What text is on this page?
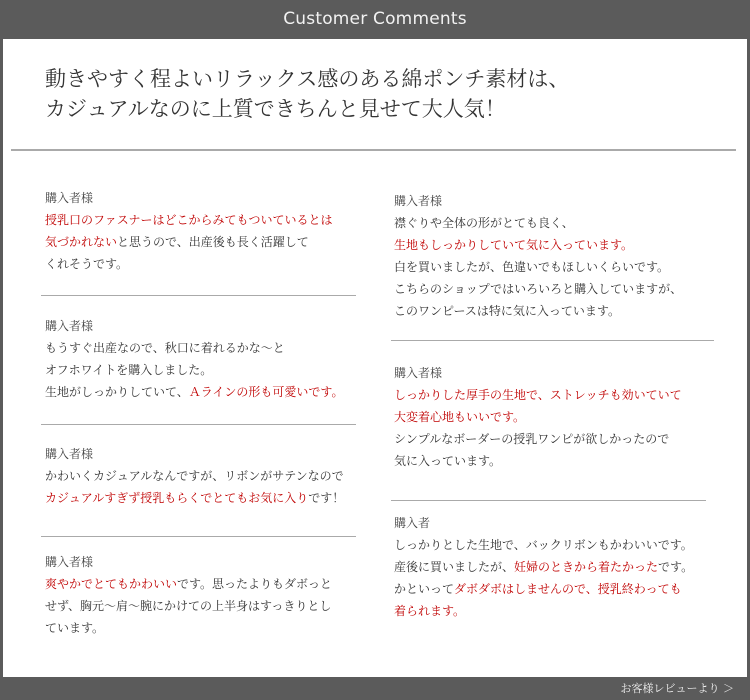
Customer Comments
動きやすく程よいリラックス感のある綿ポンチ素材は、
カジュアルなのに上質できちんと見せて大人気！
購入者様
授乳口のファスナーはどこからみてもついているとは
気づかれないと思うので、出産後も長く活躍して
くれそうです。
購入者様
もうすぐ出産なので、秋口に着れるかな～と
オフホワイトを購入しました。
生地がしっかりしていて、Ａラインの形も可愛いです。
購入者様
かわいくカジュアルなんですが、リボンがサテンなので
カジュアルすぎず授乳もらくでとてもお気に入りです！
購入者様
爽やかでとてもかわいいです。思ったよりもダボっと
せず、胸元～肩～腕にかけての上半身はすっきりとし
ています。
購入者様
襟ぐりや全体の形がとても良く、
生地もしっかりしていて気に入っています。
白を買いましたが、色違いでもほしいくらいです。
こちらのショップではいろいろと購入していますが、
このワンピースは特に気に入っています。
購入者様
しっかりした厚手の生地で、ストレッチも効いていて
大変着心地もいいです。
シンプルなボーダーの授乳ワンピが欲しかったので
気に入っています。
購入者
しっかりとした生地で、バックリボンもかわいいです。
産後に買いましたが、妊婦のときから着たかったです。
かといってダボダボはしませんので、授乳終わっても
着られます。
お客様レビューより ＞
